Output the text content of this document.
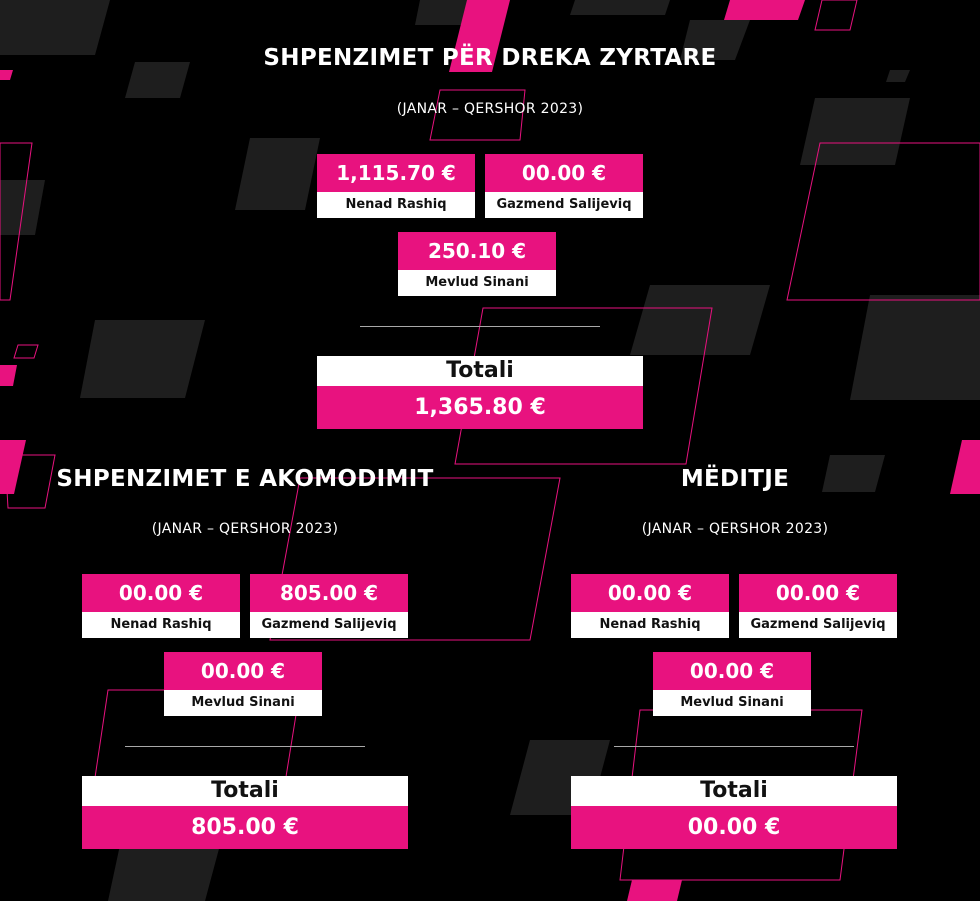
SHPENZIMET PËR DREKA ZYRTARE
(JANAR – QERSHOR 2023)
1,115.70 €
Nenad Rashiq
00.00 €
Gazmend Salijeviq
250.10 €
Mevlud Sinani
Totali
1,365.80 €
SHPENZIMET E AKOMODIMIT
(JANAR – QERSHOR 2023)
00.00 €
Nenad Rashiq
805.00 €
Gazmend Salijeviq
00.00 €
Mevlud Sinani
Totali
805.00 €
MËDITJE
(JANAR – QERSHOR 2023)
00.00 €
Nenad Rashiq
00.00 €
Gazmend Salijeviq
00.00 €
Mevlud Sinani
Totali
00.00 €
